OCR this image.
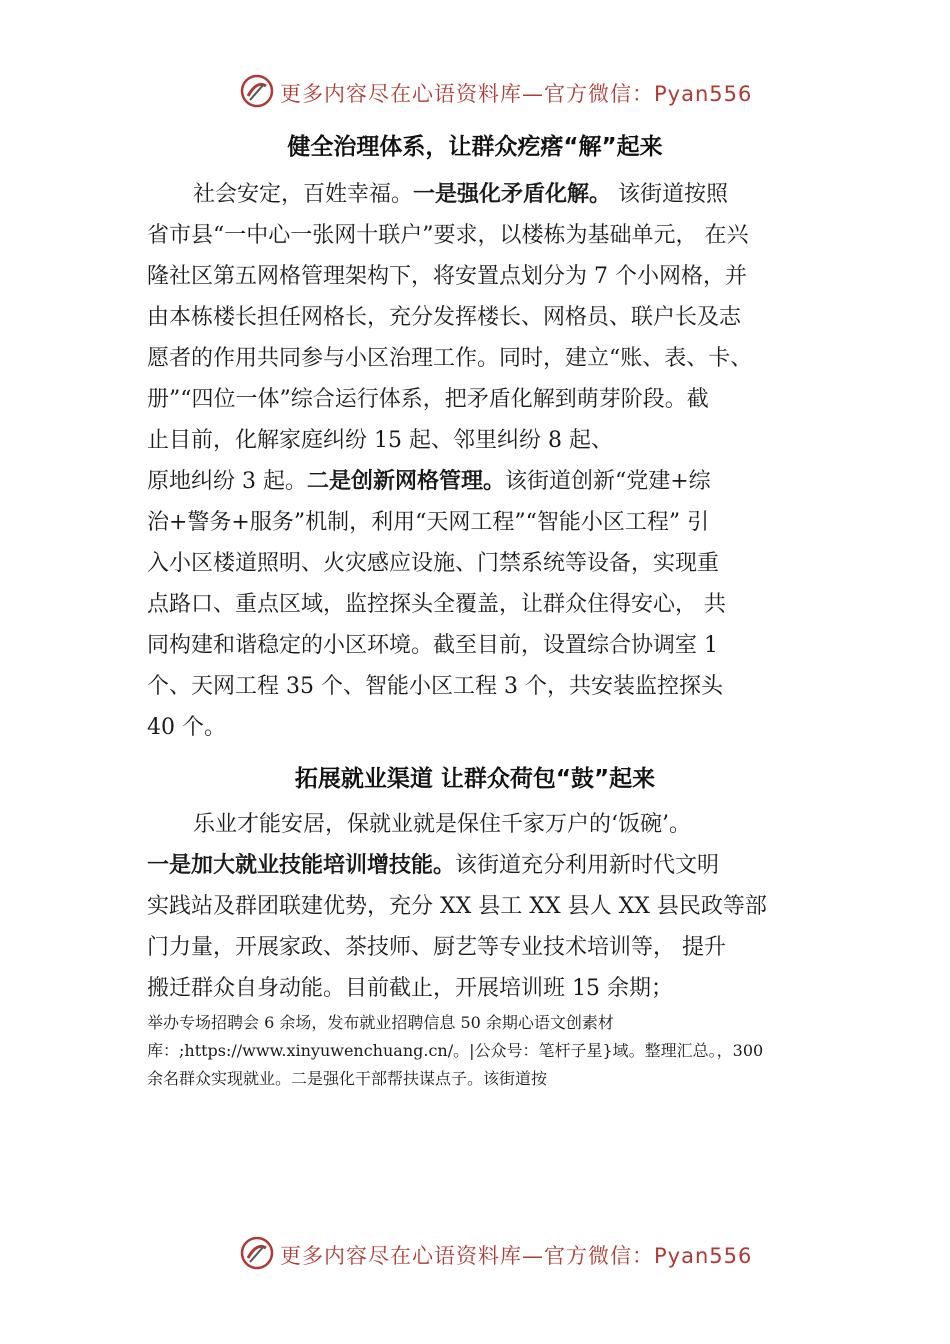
更多内容尽在心语资料库—官方微信：Pyan556
健全治理体系，让群众疙瘩“解”起来
社会安定，百姓幸福。一是强化矛盾化解。 该街道按照
省市县“一中心一张网十联户”要求，以楼栋为基础单元， 在兴
隆社区第五网格管理架构下，将安置点划分为 7 个小网格，并
由本栋楼长担任网格长，充分发挥楼长、网格员、联户长及志
愿者的作用共同参与小区治理工作。同时，建立“账、表、卡、
册”“四位一体”综合运行体系，把矛盾化解到萌芽阶段。截
止目前，化解家庭纠纷 15 起、邻里纠纷 8 起、
原地纠纷 3 起。二是创新网格管理。该街道创新“党建+综
治+警务+服务”机制，利用“天网工程”“智能小区工程” 引
入小区楼道照明、火灾感应设施、门禁系统等设备，实现重
点路口、重点区域，监控探头全覆盖，让群众住得安心， 共
同构建和谐稳定的小区环境。截至目前，设置综合协调室 1
个、天网工程 35 个、智能小区工程 3 个，共安装监控探头
40 个。
拓展就业渠道 让群众荷包“鼓”起来
乐业才能安居，保就业就是保住千家万户的‘饭碗’。
一是加大就业技能培训增技能。该街道充分利用新时代文明
实践站及群团联建优势，充分 XX 县工 XX 县人 XX 县民政等部
门力量，开展家政、茶技师、厨艺等专业技术培训等， 提升
搬迁群众自身动能。目前截止，开展培训班 15 余期；
举办专场招聘会 6 余场，发布就业招聘信息 50 余期心语文创素材
库：;https://www.xinyuwenchuang.cn/。|公众号：笔杆子星}域。整理汇总。，300
余名群众实现就业。二是强化干部帮扶谋点子。该街道按
更多内容尽在心语资料库—官方微信：Pyan556
